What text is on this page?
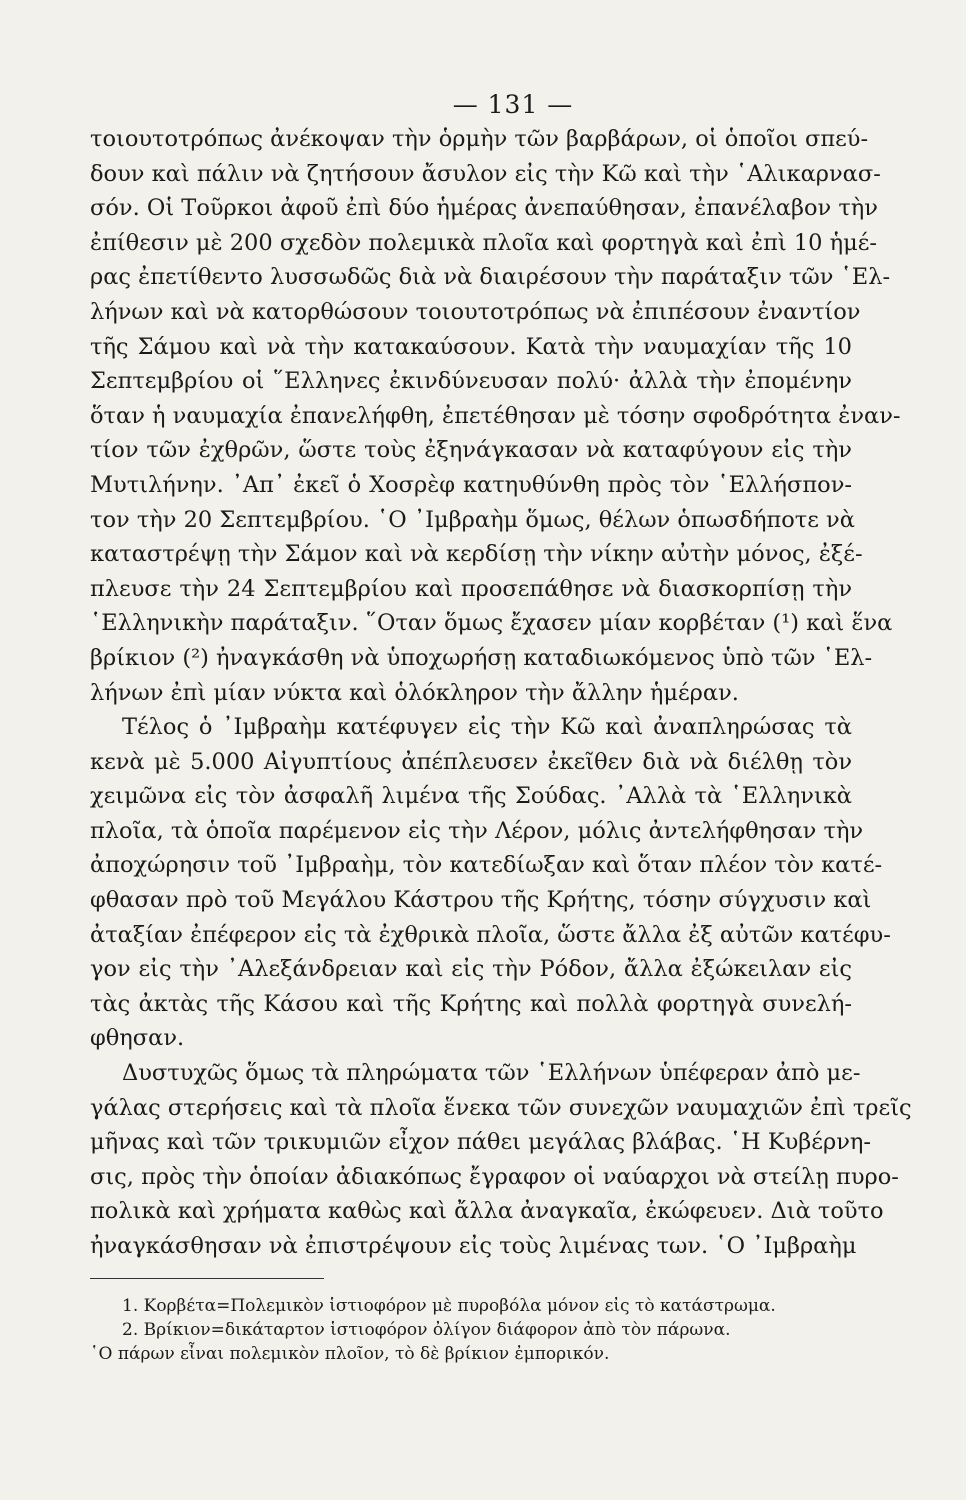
— 131 —
τοιουτοτρόπως ἀνέκοψαν τὴν ὁρμὴν τῶν βαρβάρων, οἱ ὁποῖοι σπεύ-
δουν καὶ πάλιν νὰ ζητήσουν ἄσυλον εἰς τὴν Κῶ καὶ τὴν ῾Αλικαρνασ-
σόν. Οἱ Τοῦρκοι ἀφοῦ ἐπὶ δύο ἡμέρας ἀνεπαύθησαν, ἐπανέλαβον τὴν
ἐπίθεσιν μὲ 200 σχεδὸν πολεμικὰ πλοῖα καὶ φορτηγὰ καὶ ἐπὶ 10 ἡμέ-
ρας ἐπετίθεντο λυσσωδῶς διὰ νὰ διαιρέσουν τὴν παράταξιν τῶν ῾Ελ-
λήνων καὶ νὰ κατορθώσουν τοιουτοτρόπως νὰ ἐπιπέσουν ἐναντίον
τῆς Σάμου καὶ νὰ τὴν κατακαύσουν. Κατὰ τὴν ναυμαχίαν τῆς 10
Σεπτεμβρίου οἱ ῞Ελληνες ἐκινδύνευσαν πολύ· ἀλλὰ τὴν ἐπομένην
ὅταν ἡ ναυμαχία ἐπανελήφθη, ἐπετέθησαν μὲ τόσην σφοδρότητα ἐναν-
τίον τῶν ἐχθρῶν, ὥστε τοὺς ἐξηνάγκασαν νὰ καταφύγουν εἰς τὴν
Μυτιλήνην. ᾿Απ᾿ ἐκεῖ ὁ Χοσρὲφ κατηυθύνθη πρὸς τὸν ῾Ελλήσπον-
τον τὴν 20 Σεπτεμβρίου. ῾Ο ᾿Ιμβραὴμ ὅμως, θέλων ὁπωσδήποτε νὰ
καταστρέψῃ τὴν Σάμον καὶ νὰ κερδίσῃ τὴν νίκην αὐτὴν μόνος, ἐξέ-
πλευσε τὴν 24 Σεπτεμβρίου καὶ προσεπάθησε νὰ διασκορπίσῃ τὴν
῾Ελληνικὴν παράταξιν. ῞Οταν ὅμως ἔχασεν μίαν κορβέταν (¹) καὶ ἕνα
βρίκιον (²) ἠναγκάσθη νὰ ὑποχωρήσῃ καταδιωκόμενος ὑπὸ τῶν ῾Ελ-
λήνων ἐπὶ μίαν νύκτα καὶ ὁλόκληρον τὴν ἄλλην ἡμέραν.
Τέλος ὁ ᾿Ιμβραὴμ κατέφυγεν εἰς τὴν Κῶ καὶ ἀναπληρώσας τὰ
κενὰ μὲ 5.000 Αἰγυπτίους ἀπέπλευσεν ἐκεῖθεν διὰ νὰ διέλθῃ τὸν
χειμῶνα εἰς τὸν ἀσφαλῆ λιμένα τῆς Σούδας. ᾿Αλλὰ τὰ ῾Ελληνικὰ
πλοῖα, τὰ ὁποῖα παρέμενον εἰς τὴν Λέρον, μόλις ἀντελήφθησαν τὴν
ἀποχώρησιν τοῦ ᾿Ιμβραὴμ, τὸν κατεδίωξαν καὶ ὅταν πλέον τὸν κατέ-
φθασαν πρὸ τοῦ Μεγάλου Κάστρου τῆς Κρήτης, τόσην σύγχυσιν καὶ
ἀταξίαν ἐπέφερον εἰς τὰ ἐχθρικὰ πλοῖα, ὥστε ἄλλα ἐξ αὐτῶν κατέφυ-
γον εἰς τὴν ᾿Αλεξάνδρειαν καὶ εἰς τὴν Ρόδον, ἄλλα ἐξώκειλαν εἰς
τὰς ἀκτὰς τῆς Κάσου καὶ τῆς Κρήτης καὶ πολλὰ φορτηγὰ συνελή-
φθησαν.
Δυστυχῶς ὅμως τὰ πληρώματα τῶν ῾Ελλήνων ὑπέφεραν ἀπὸ με-
γάλας στερήσεις καὶ τὰ πλοῖα ἕνεκα τῶν συνεχῶν ναυμαχιῶν ἐπὶ τρεῖς
μῆνας καὶ τῶν τρικυμιῶν εἶχον πάθει μεγάλας βλάβας. ῾Η Κυβέρνη-
σις, πρὸς τὴν ὁποίαν ἀδιακόπως ἔγραφον οἱ ναύαρχοι νὰ στείλῃ πυρο-
πολικὰ καὶ χρήματα καθὼς καὶ ἄλλα ἀναγκαῖα, ἐκώφευεν. Διὰ τοῦτο
ἠναγκάσθησαν νὰ ἐπιστρέψουν εἰς τοὺς λιμένας των. ῾Ο ᾿Ιμβραὴμ
1. Κορβέτα=Πολεμικὸν ἱστιοφόρον μὲ πυροβόλα μόνον εἰς τὸ κατάστρωμα.
2. Βρίκιον=δικάταρτον ἱστιοφόρον ὀλίγον διάφορον ἀπὸ τὸν πάρωνα.
῾Ο πάρων εἶναι πολεμικὸν πλοῖον, τὸ δὲ βρίκιον ἐμπορικόν.
